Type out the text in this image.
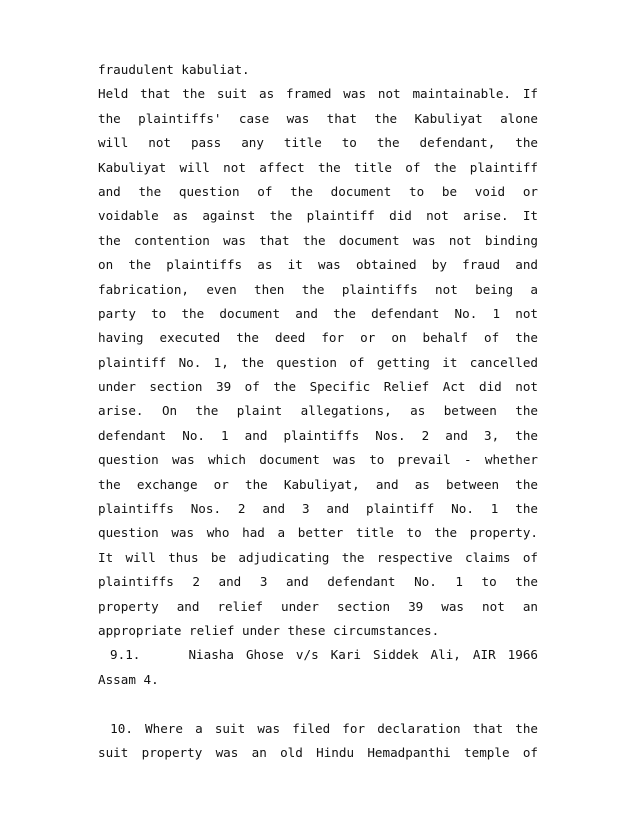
fraudulent kabuliat.
Held that the suit as framed was not maintainable. If
the plaintiffs' case was that the Kabuliyat alone
will not pass any title to the defendant, the
Kabuliyat will not affect the title of the plaintiff
and the question of the document to be void or
voidable as against the plaintiff did not arise. It
the contention was that the document was not binding
on the plaintiffs as it was obtained by fraud and
fabrication, even then the plaintiffs not being a
party to the document and the defendant No. 1 not
having executed the deed for or on behalf of the
plaintiff No. 1, the question of getting it cancelled
under section 39 of the Specific Relief Act did not
arise. On the plaint allegations, as between the
defendant No. 1 and plaintiffs Nos. 2 and 3, the
question was which document was to prevail - whether
the exchange or the Kabuliyat, and as between the
plaintiffs Nos. 2 and 3 and plaintiff No. 1 the
question was who had a better title to the property.
It will thus be adjudicating the respective claims of
plaintiffs 2 and 3 and defendant No. 1 to the
property and relief under section 39 was not an
appropriate relief under these circumstances.
9.1.    Niasha Ghose v/s Kari Siddek Ali, AIR 1966
Assam 4.
10. Where a suit was filed for declaration that the
suit property was an old Hindu Hemadpanthi temple of
